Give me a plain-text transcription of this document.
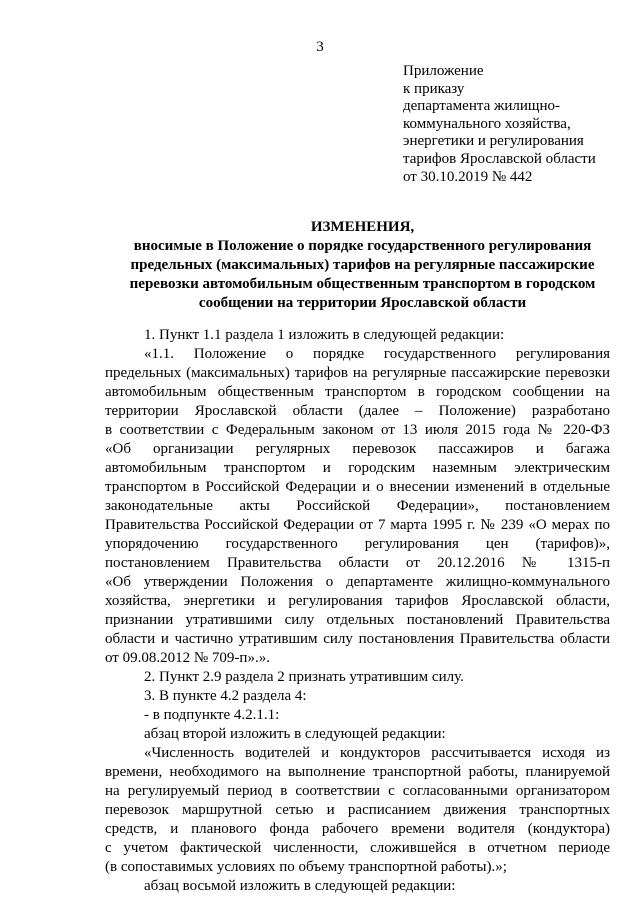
3
Приложение
к приказу
департамента жилищно-
коммунального хозяйства,
энергетики и регулирования
тарифов Ярославской области
от 30.10.2019 № 442
ИЗМЕНЕНИЯ,
вносимые в Положение о порядке государственного регулирования
предельных (максимальных) тарифов на регулярные пассажирские
перевозки автомобильным общественным транспортом в городском
сообщении на территории Ярославской области
1. Пункт 1.1 раздела 1 изложить в следующей редакции:
«1.1. Положение о порядке государственного регулирования
предельных (максимальных) тарифов на регулярные пассажирские перевозки
автомобильным общественным транспортом в городском сообщении на
территории Ярославской области (далее – Положение) разработано
в соответствии с Федеральным законом от 13 июля 2015 года № 220-ФЗ
«Об организации регулярных перевозок пассажиров и багажа
автомобильным транспортом и городским наземным электрическим
транспортом в Российской Федерации и о внесении изменений в отдельные
законодательные акты Российской Федерации», постановлением
Правительства Российской Федерации от 7 марта 1995 г. № 239 «О мерах по
упорядочению государственного регулирования цен (тарифов)»,
постановлением Правительства области от 20.12.2016 № 1315-п
«Об утверждении Положения о департаменте жилищно-коммунального
хозяйства, энергетики и регулирования тарифов Ярославской области,
признании утратившими силу отдельных постановлений Правительства
области и частично утратившим силу постановления Правительства области
от 09.08.2012 № 709-п».».
2. Пункт 2.9 раздела 2 признать утратившим силу.
3. В пункте 4.2 раздела 4:
- в подпункте 4.2.1.1:
абзац второй изложить в следующей редакции:
«Численность водителей и кондукторов рассчитывается исходя из
времени, необходимого на выполнение транспортной работы, планируемой
на регулируемый период в соответствии с согласованными организатором
перевозок маршрутной сетью и расписанием движения транспортных
средств, и планового фонда рабочего времени водителя (кондуктора)
с учетом фактической численности, сложившейся в отчетном периоде
(в сопоставимых условиях по объему транспортной работы).»;
абзац восьмой изложить в следующей редакции:
